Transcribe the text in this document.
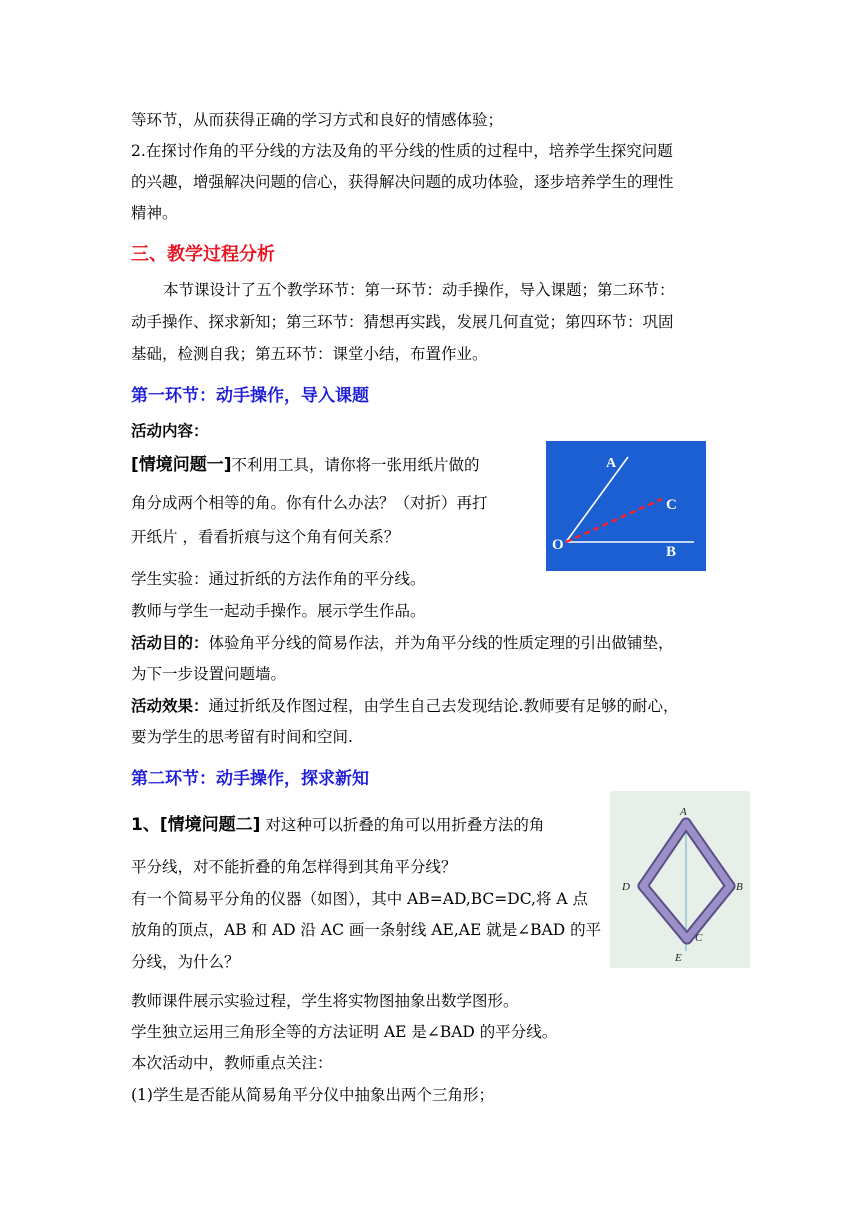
等环节，从而获得正确的学习方式和良好的情感体验；
2.在探讨作角的平分线的方法及角的平分线的性质的过程中，培养学生探究问题
的兴趣，增强解决问题的信心，获得解决问题的成功体验，逐步培养学生的理性
精神。
三、教学过程分析
本节课设计了五个教学环节：第一环节：动手操作，导入课题；第二环节：
动手操作、探求新知；第三环节：猜想再实践，发展几何直觉；第四环节：巩固
基础，检测自我；第五环节：课堂小结，布置作业。
第一环节：动手操作，导入课题
活动内容：
[情境问题一]不利用工具，请你将一张用纸片做的
角分成两个相等的角。你有什么办法？（对折）再打
开纸片 ，看看折痕与这个角有何关系？
A
C
O	B
学生实验：通过折纸的方法作角的平分线。
教师与学生一起动手操作。展示学生作品。
活动目的：体验角平分线的简易作法，并为角平分线的性质定理的引出做铺垫，
为下一步设置问题墙。
活动效果：通过折纸及作图过程，由学生自己去发现结论.教师要有足够的耐心，
要为学生的思考留有时间和空间.
第二环节：动手操作，探求新知
1、[情境问题二] 对这种可以折叠的角可以用折叠方法的角
平分线，对不能折叠的角怎样得到其角平分线？
有一个简易平分角的仪器（如图），其中 AB=AD,BC=DC,将 A 点
放角的顶点，AB 和 AD 沿 AC 画一条射线 AE,AE 就是∠BAD 的平
分线，为什么？
A
D	B
C
E
教师课件展示实验过程，学生将实物图抽象出数学图形。
学生独立运用三角形全等的方法证明 AE 是∠BAD 的平分线。
本次活动中，教师重点关注：
(1)学生是否能从简易角平分仪中抽象出两个三角形；
